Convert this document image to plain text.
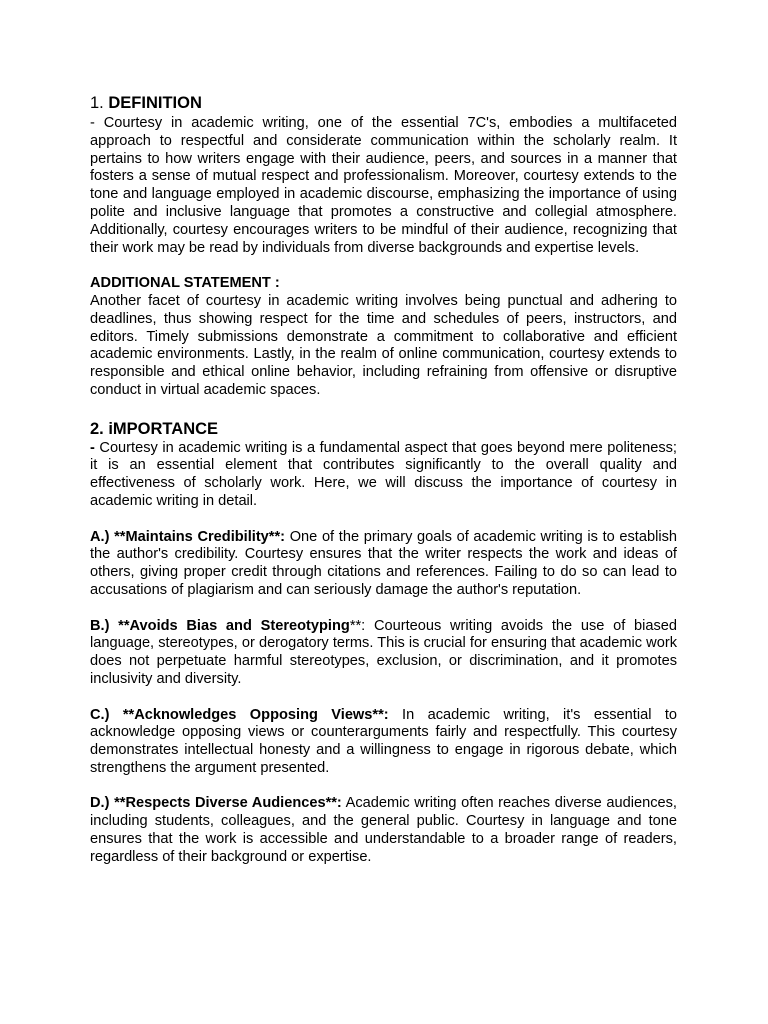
1. DEFINITION

- Courtesy in academic writing, one of the essential 7C's, embodies a multifaceted approach to respectful and considerate communication within the scholarly realm. It pertains to how writers engage with their audience, peers, and sources in a manner that fosters a sense of mutual respect and professionalism. Moreover, courtesy extends to the tone and language employed in academic discourse, emphasizing the importance of using polite and inclusive language that promotes a constructive and collegial atmosphere. Additionally, courtesy encourages writers to be mindful of their audience, recognizing that their work may be read by individuals from diverse backgrounds and expertise levels.

ADDITIONAL STATEMENT :

Another facet of courtesy in academic writing involves being punctual and adhering to deadlines, thus showing respect for the time and schedules of peers, instructors, and editors. Timely submissions demonstrate a commitment to collaborative and efficient academic environments. Lastly, in the realm of online communication, courtesy extends to responsible and ethical online behavior, including refraining from offensive or disruptive conduct in virtual academic spaces.

2. iMPORTANCE

- Courtesy in academic writing is a fundamental aspect that goes beyond mere politeness; it is an essential element that contributes significantly to the overall quality and effectiveness of scholarly work. Here, we will discuss the importance of courtesy in academic writing in detail.

A.) **Maintains Credibility**: One of the primary goals of academic writing is to establish the author's credibility. Courtesy ensures that the writer respects the work and ideas of others, giving proper credit through citations and references. Failing to do so can lead to accusations of plagiarism and can seriously damage the author's reputation.

B.) **Avoids Bias and Stereotyping**: Courteous writing avoids the use of biased language, stereotypes, or derogatory terms. This is crucial for ensuring that academic work does not perpetuate harmful stereotypes, exclusion, or discrimination, and it promotes inclusivity and diversity.

C.) **Acknowledges Opposing Views**: In academic writing, it's essential to acknowledge opposing views or counterarguments fairly and respectfully. This courtesy demonstrates intellectual honesty and a willingness to engage in rigorous debate, which strengthens the argument presented.

D.) **Respects Diverse Audiences**: Academic writing often reaches diverse audiences, including students, colleagues, and the general public. Courtesy in language and tone ensures that the work is accessible and understandable to a broader range of readers, regardless of their background or expertise.
